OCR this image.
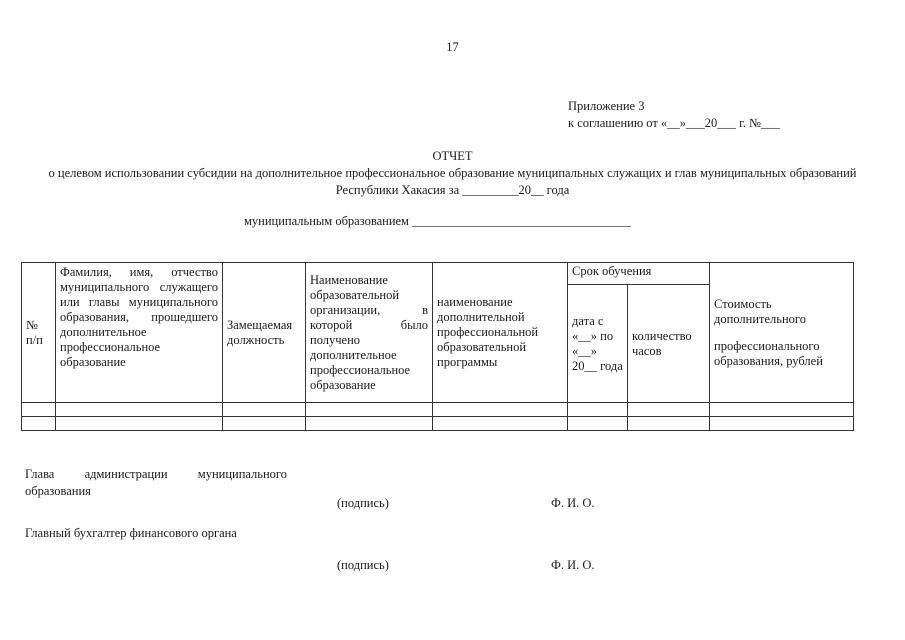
17
Приложение 3
к соглашению от «__»___20___ г. №___
ОТЧЕТ
о целевом использовании субсидии на дополнительное профессиональное образование муниципальных служащих и глав муниципальных образований Республики Хакасия за _________20__ года
муниципальным образованием ___________________________________
№ п/п	Фамилия, имя, отчество муниципального служащего или главы муниципального образования, прошедшего дополнительное профессиональное образование	Замещаемая должность	Наименование образовательной организации, в которой было получено дополнительное профессиональное образование	наименование дополнительной профессиональной образовательной программы	Срок обучения		Стоимость дополнительного
профессионального образования, рублей

					дата с «__» по «__» 20__ года	количество часов	

Глава администрации муниципального образования
(подпись)	Ф. И. О.
Главный бухгалтер финансового органа
(подпись)	Ф. И. О.
